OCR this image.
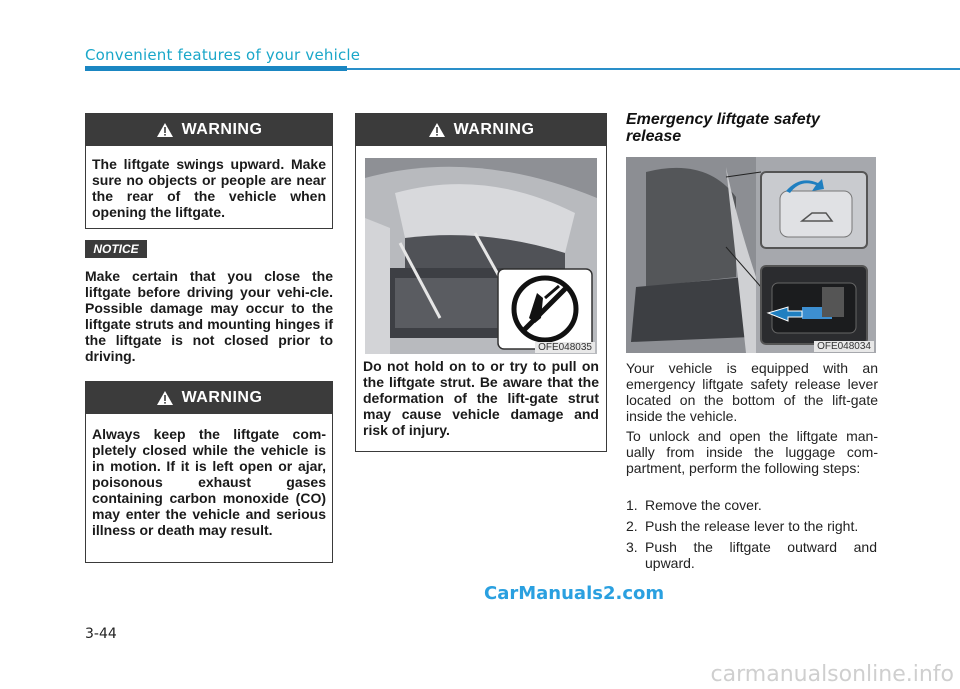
Convenient features of your vehicle
WARNING
The liftgate swings upward. Make sure no objects or people are near the rear of the vehicle when opening the liftgate.
NOTICE
Make certain that you close the liftgate before driving your vehi-cle. Possible damage may occur to the liftgate struts and mounting hinges if the liftgate is not closed prior to driving.
WARNING
Always keep the liftgate com-pletely closed while the vehicle is in motion. If it is left open or ajar, poisonous exhaust gases containing carbon monoxide (CO) may enter the vehicle and serious illness or death may result.
WARNING
OFE048035
Do not hold on to or try to pull on the liftgate strut. Be aware that the deformation of the lift-gate strut may cause vehicle damage and risk of injury.
Emergency liftgate safety release
OFE048034
Your vehicle is equipped with an emergency liftgate safety release lever located on the bottom of the lift-gate inside the vehicle.
To unlock and open the liftgate man-ually from inside the luggage com-partment, perform the following steps:
1. Remove the cover.
2. Push the release lever to the right.
3. Push the liftgate outward and upward.
CarManuals2.com
3-44
carmanualsonline.info
